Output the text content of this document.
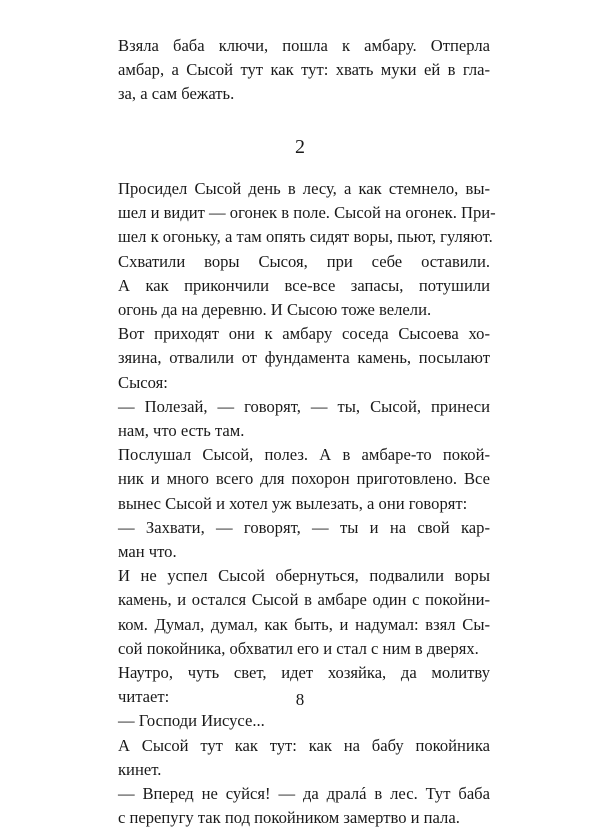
Взяла баба ключи, пошла к амбару. Отперла
амбар, а Сысой тут как тут: хвать муки ей в гла-
за, а сам бежать.

2

Просидел Сысой день в лесу, а как стемнело, вы-
шел и видит — огонек в поле. Сысой на огонек. При-
шел к огоньку, а там опять сидят воры, пьют, гуляют.

Схватили воры Сысоя, при себе оставили.
А как прикончили все-все запасы, потушили
огонь да на деревню. И Сысою тоже велели.

Вот приходят они к амбару соседа Сысоева хо-
зяина, отвалили от фундамента камень, посылают
Сысоя:

— Полезай, — говорят, — ты, Сысой, принеси
нам, что есть там.

Послушал Сысой, полез. А в амбаре-то покой-
ник и много всего для похорон приготовлено. Все
вынес Сысой и хотел уж вылезать, а они говорят:

— Захвати, — говорят, — ты и на свой кар-
ман что.

И не успел Сысой обернуться, подвалили воры
камень, и остался Сысой в амбаре один с покойни-
ком. Думал, думал, как быть, и надумал: взял Сы-
сой покойника, обхватил его и стал с ним в дверях.

Наутро, чуть свет, идет хозяйка, да молитву
читает:

— Господи Иисусе...

А Сысой тут как тут: как на бабу покойника
кинет.

— Вперед не суйся! — да дралá в лес. Тут баба
с перепугу так под покойником замертво и пала.

8
